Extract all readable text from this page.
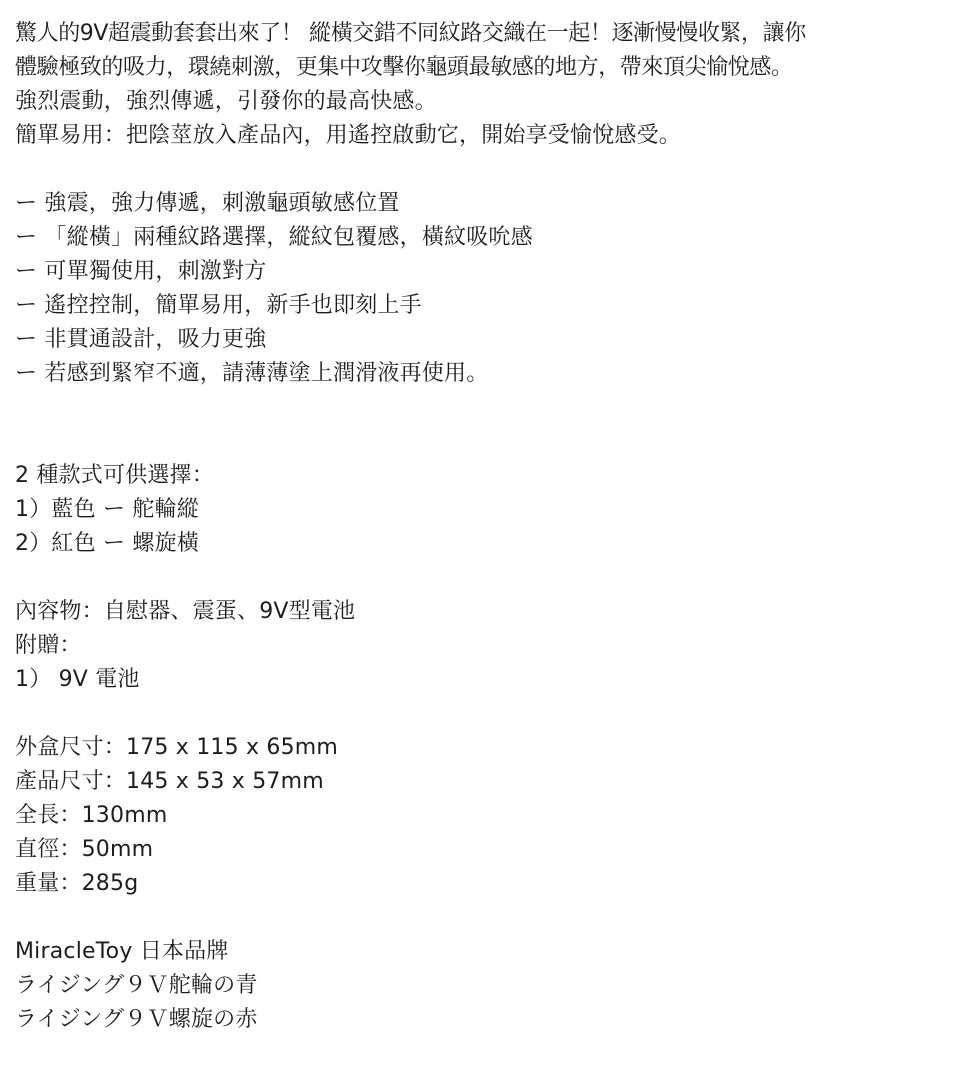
驚人的9V超震動套套出來了！ 縱橫交錯不同紋路交織在一起！逐漸慢慢收緊，讓你
體驗極致的吸力，環繞刺激，更集中攻擊你龜頭最敏感的地方，帶來頂尖愉悅感。
強烈震動，強烈傳遞，引發你的最高快感。
簡單易用：把陰莖放入產品內，用遙控啟動它，開始享受愉悅感受。
ー 強震，強力傳遞，刺激龜頭敏感位置
ー 「縱橫」兩種紋路選擇，縱紋包覆感，橫紋吸吮感
ー 可單獨使用，刺激對方
ー 遙控控制，簡單易用，新手也即刻上手
ー 非貫通設計，吸力更強
ー 若感到緊窄不適，請薄薄塗上潤滑液再使用。
2 種款式可供選擇：
1）藍色 ー 舵輪縱
2）紅色 ー 螺旋橫
內容物：自慰器、震蛋、9V型電池
附贈：
1） 9V 電池
外盒尺寸：175 x 115 x 65mm
產品尺寸：145 x 53 x 57mm
全長：130mm
直徑：50mm
重量：285g
MiracleToy 日本品牌
ライジング９Ｖ舵輪の青
ライジング９Ｖ螺旋の赤
